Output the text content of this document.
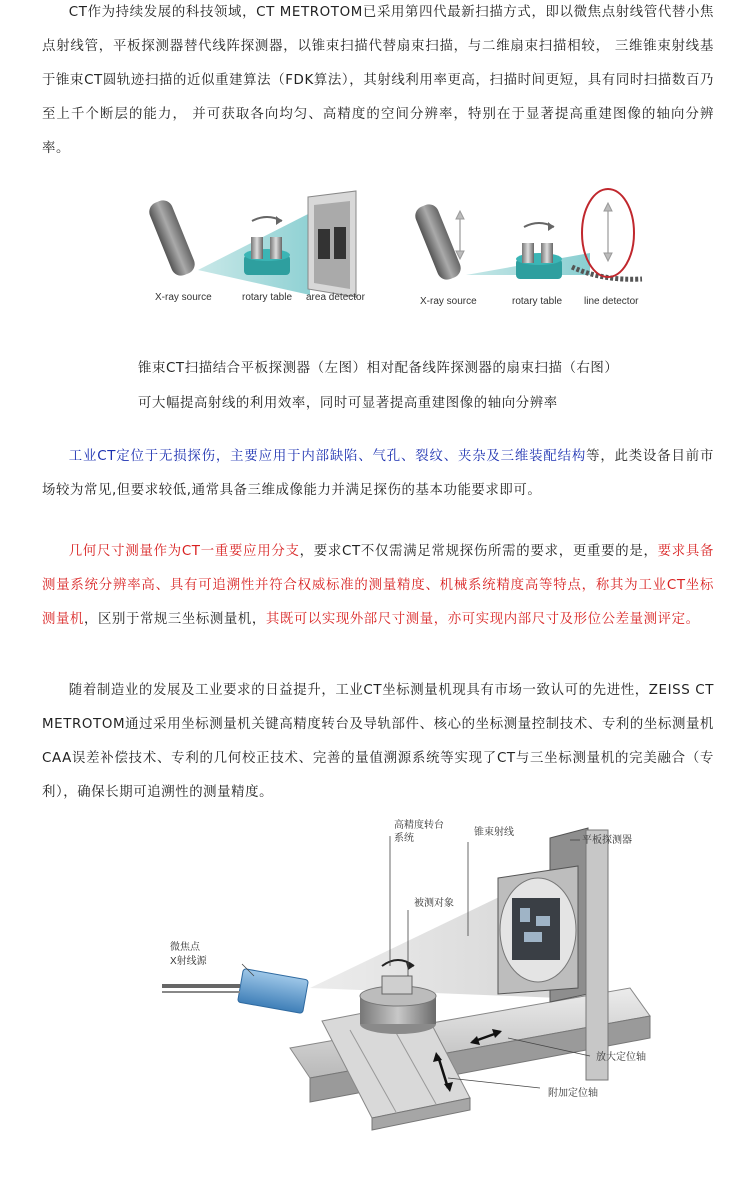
CT作为持续发展的科技领域，CT METROTOM已采用第四代最新扫描方式，即以微焦点射线管代替小焦点射线管，平板探测器替代线阵探测器，以锥束扫描代替扇束扫描，与二维扇束扫描相较， 三维锥束射线基于锥束CT圆轨迹扫描的近似重建算法（FDK算法），其射线利用率更高，扫描时间更短，具有同时扫描数百乃至上千个断层的能力， 并可获取各向均匀、高精度的空间分辨率，特别在于显著提高重建图像的轴向分辨率。
X-ray source	rotary table area detector	X-ray source	rotary table line detector
锥束CT扫描结合平板探测器（左图）相对配备线阵探测器的扇束扫描（右图）
可大幅提高射线的利用效率，同时可显著提高重建图像的轴向分辨率
工业CT定位于无损探伤，主要应用于内部缺陷、气孔、裂纹、夹杂及三维装配结构等，此类设备目前市场较为常见,但要求较低,通常具备三维成像能力并满足探伤的基本功能要求即可。
几何尺寸测量作为CT一重要应用分支，要求CT不仅需满足常规探伤所需的要求，更重要的是，要求具备测量系统分辨率高、具有可追溯性并符合权威标准的测量精度、机械系统精度高等特点，称其为工业CT坐标测量机，区别于常规三坐标测量机，其既可以实现外部尺寸测量，亦可实现内部尺寸及形位公差量测评定。
随着制造业的发展及工业要求的日益提升，工业CT坐标测量机现具有市场一致认可的先进性，ZEISS CT METROTOM通过采用坐标测量机关键高精度转台及导轨部件、核心的坐标测量控制技术、专利的坐标测量机CAA误差补偿技术、专利的几何校正技术、完善的量值溯源系统等实现了CT与三坐标测量机的完美融合（专利），确保长期可追溯性的测量精度。
高精度转台
系统
锥束射线
平板探测器
被测对象
微焦点
X射线源
放大定位轴
附加定位轴
